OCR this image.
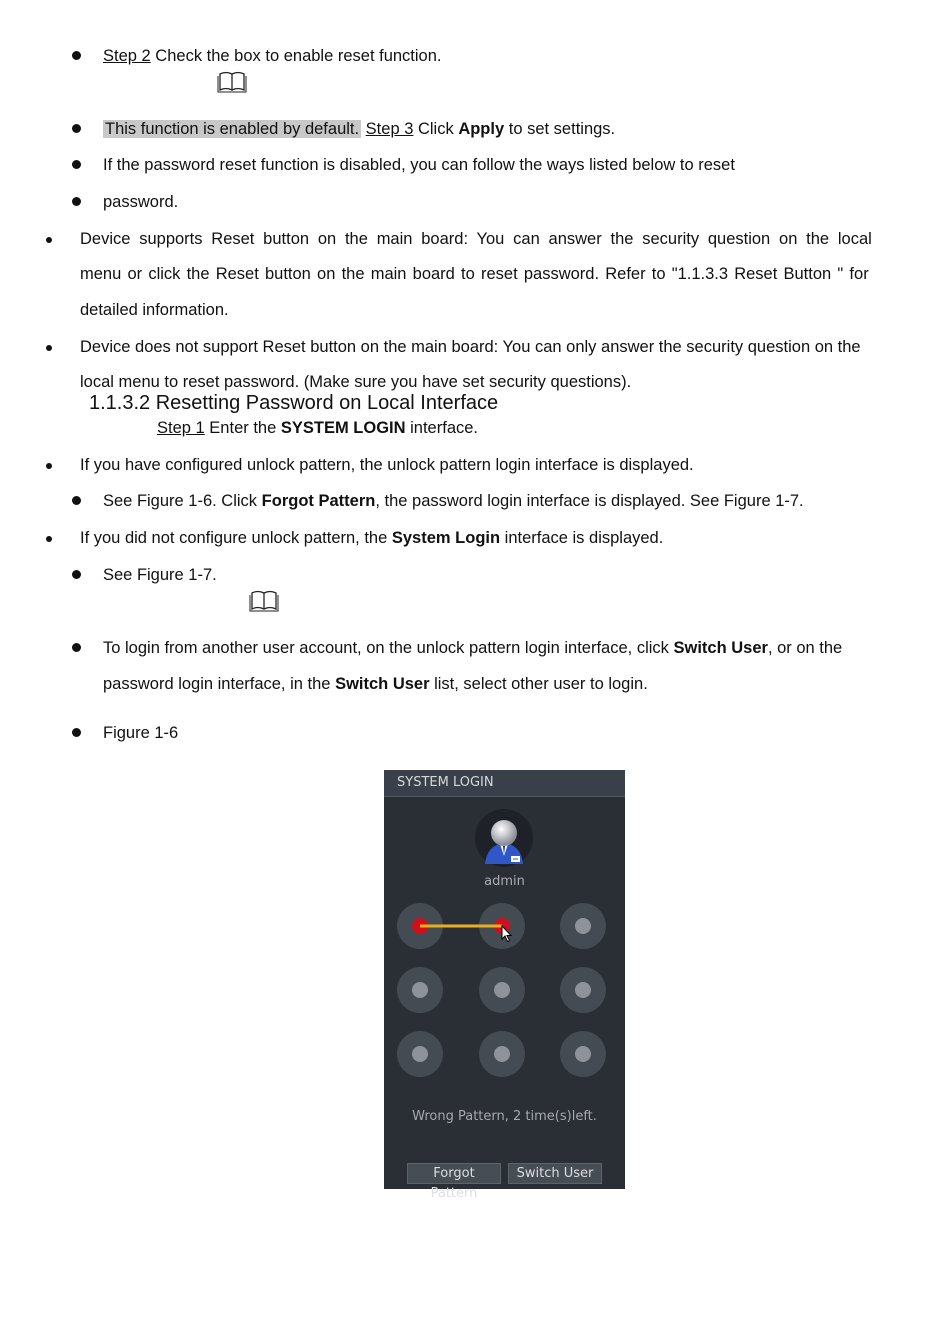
Step 2 Check the box to enable reset function.
This function is enabled by default. Step 3 Click Apply to set settings.
If the password reset function is disabled, you can follow the ways listed below to reset
password.
Device supports Reset button on the main board: You can answer the security question on the local
menu or click the Reset button on the main board to reset password. Refer to "1.1.3.3 Reset Button " for
detailed information.
Device does not support Reset button on the main board: You can only answer the security question on the
local menu to reset password. (Make sure you have set security questions).
1.1.3.2 Resetting Password on Local Interface
Step 1 Enter the SYSTEM LOGIN interface.
If you have configured unlock pattern, the unlock pattern login interface is displayed.
See Figure 1-6. Click Forgot Pattern, the password login interface is displayed. See Figure 1-7.
If you did not configure unlock pattern, the System Login interface is displayed.
See Figure 1-7.
To login from another user account, on the unlock pattern login interface, click Switch User, or on the
password login interface, in the Switch User list, select other user to login.
Figure 1-6
SYSTEM LOGIN
admin
Wrong Pattern, 2 time(s)left.
Forgot Pattern
Switch User
